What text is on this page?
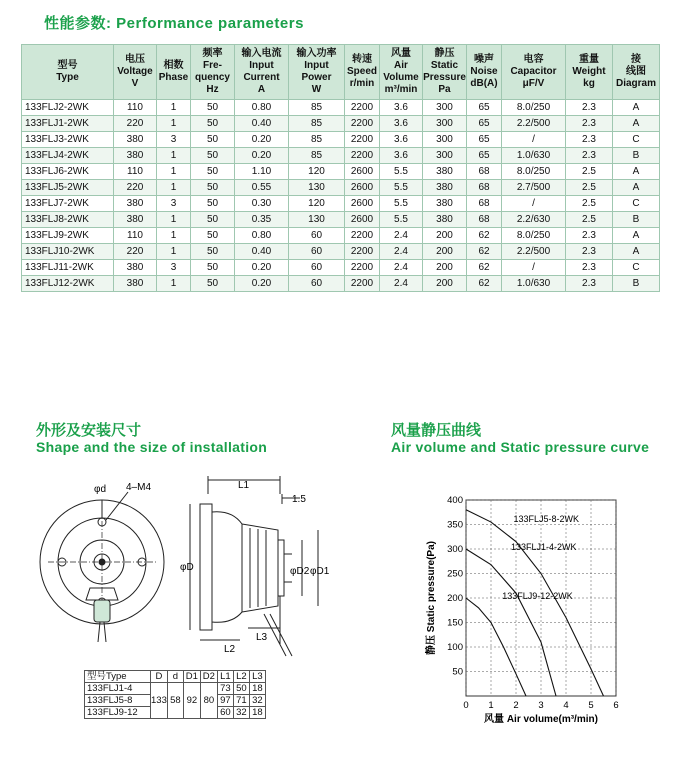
性能参数: Performance parameters
型号
Type	电压
Voltage
V	相数
Phase	频率
Fre-
quency
Hz	输入电流
Input
Current
A	输入功率
Input
Power
W	转速
Speed
r/min	风量
Air
Volume
m³/min	静压
Static
Pressure
Pa	噪声
Noise
dB(A)	电容
Capacitor
μF/V	重量
Weight
kg	接
线图
Diagram

133FLJ2-2WK	110	1	50	0.80	85	2200	3.6	300	65	8.0/250	2.3	A
133FLJ1-2WK	220	1	50	0.40	85	2200	3.6	300	65	2.2/500	2.3	A
133FLJ3-2WK	380	3	50	0.20	85	2200	3.6	300	65	/	2.3	C
133FLJ4-2WK	380	1	50	0.20	85	2200	3.6	300	65	1.0/630	2.3	B
133FLJ6-2WK	110	1	50	1.10	120	2600	5.5	380	68	8.0/250	2.5	A
133FLJ5-2WK	220	1	50	0.55	130	2600	5.5	380	68	2.7/500	2.5	A
133FLJ7-2WK	380	3	50	0.30	120	2600	5.5	380	68	/	2.5	C
133FLJ8-2WK	380	1	50	0.35	130	2600	5.5	380	68	2.2/630	2.5	B
133FLJ9-2WK	110	1	50	0.80	60	2200	2.4	200	62	8.0/250	2.3	A
133FLJ10-2WK	220	1	50	0.40	60	2200	2.4	200	62	2.2/500	2.3	A
133FLJ11-2WK	380	3	50	0.20	60	2200	2.4	200	62	/	2.3	C
133FLJ12-2WK	380	1	50	0.20	60	2200	2.4	200	62	1.0/630	2.3	B
外形及安装尺寸
Shape and the size of installation
φd 4–M4	L1
1.5
φD	φD2 φD1
L3
L2
型号Type	D	d	D1	D2	L1	L2	L3
133FLJ1-4	133	58	92	80	73	50	18
133FLJ5-8					97	71	32
133FLJ9-12					60	32	18
风量静压曲线
Air volume and Static pressure curve
0 1 2 3 4 5 6
50
100
150
200
250
300
350
400
风量 Air volume(m³/min)
静压 Static pressure(Pa)
133FLJ5-8-2WK
133FLJ1-4-2WK
133FLJ9-12-2WK
